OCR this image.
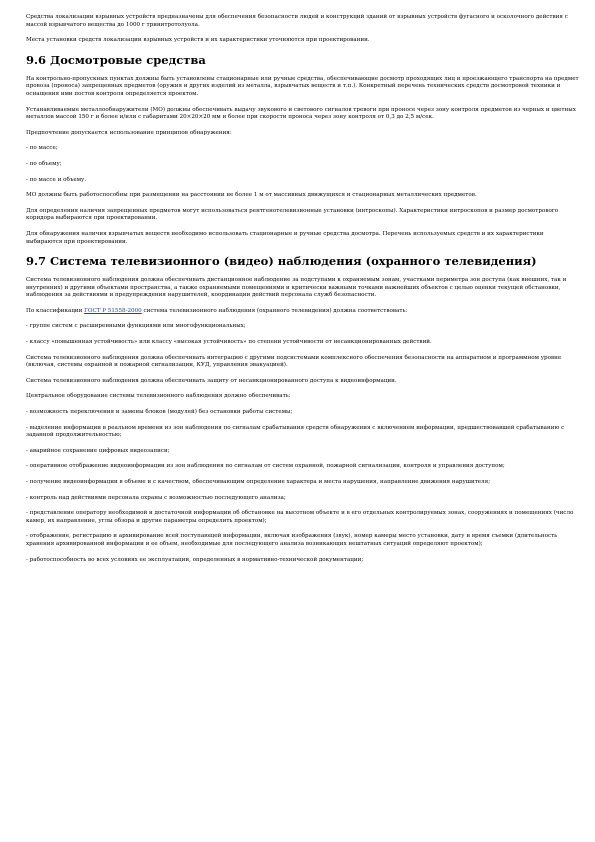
Средства локализации взрывных устройств предназначены для обеспечения безопасности людей и конструкций зданий от взрывных устройств фугасного и осколочного действия с массой взрывчатого вещества до 1000 г тринитротолуола.

Места установки средств локализации взрывных устройств и их характеристики уточняются при проектировании.

9.6 Досмотровые средства

На контрольно-пропускных пунктах должны быть установлены стационарные или ручные средства, обеспечивающие досмотр проходящих лиц и проезжающего транспорта на предмет провоза (проноса) запрещенных предметов (оружия и других изделий из металла, взрывчатых веществ и т.п.). Конкретный перечень технических средств досмотровой техники и оснащения ими постов контроля определяется проектом.

Устанавливаемые металлообнаружители (МО) должны обеспечивать выдачу звукового и светового сигналов тревоги при проносе через зону контроля предметов из черных и цветных металлов массой 150 г и более и/или с габаритами 20×20×20 мм и более при скорости проноса через зону контроля от 0,3 до 2,5 м/сек.

Предпочтение допускается использование принципов обнаружения:

- по массе;

- по объему;

- по массе и объему.

МО должны быть работоспособны при размещении на расстоянии не более 1 м от массивных движущихся и стационарных металлических предметов.

Для определения наличия запрещенных предметов могут использоваться рентгенотелевизионные установки (интроскопы). Характеристики интроскопов и размер досмотрового коридора выбираются при проектировании.

Для обнаружения наличия взрывчатых веществ необходимо использовать стационарные и ручные средства досмотра. Перечень используемых средств и их характеристики выбираются при проектировании.

9.7 Система телевизионного (видео) наблюдения (охранного телевидения)

Система телевизионного наблюдения должна обеспечивать дистанционное наблюдение за подступами к охраняемым зонам, участками периметра зон доступа (как внешних, так и внутренних) и другими объектами пространства, а также охраняемыми помещениями и критически важными точками важнейших объектов с целью оценки текущей обстановки, наблюдения за действиями и предупреждения нарушителей, координации действий персонала служб безопасности.

По классификации ГОСТ Р 51558-2000 система телевизионного наблюдения (охранного телевидения) должна соответствовать:

- группе систем с расширенными функциями или многофункциональных;

- классу «повышенная устойчивость» или классу «высокая устойчивость» по степени устойчивости от несанкционированных действий.

Система телевизионного наблюдения должна обеспечивать интеграцию с другими подсистемами комплексного обеспечения безопасности на аппаратном и программном уровне (включая, системы охранной и пожарной сигнализации, КУД, управления эвакуацией).

Система телевизионного наблюдения должна обеспечивать защиту от несанкционированного доступа к видеоинформации.

Центральное оборудование системы телевизионного наблюдения должно обеспечивать:

- возможность переключения и замены блоков (модулей) без остановки работы системы;

- выделение информации в реальном времени из зон наблюдения по сигналам срабатывания средств обнаружения с включением информации, предшествовавшей срабатыванию с заданной продолжительностью;

- аварийное сохранение цифровых видеозаписи;

- оперативное отображение видеоинформации из зон наблюдения по сигналам от систем охранной, пожарной сигнализации, контроля и управления доступом;

- получение видеоинформации в объеме и с качеством, обеспечивающим определение характера и места нарушения, направление движения нарушителя;

- контроль над действиями персонала охраны с возможностью последующего анализа;

- представление оператору необходимой и достаточной информации об обстановке на высотном объекте и в его отдельных контролируемых зонах, сооружениях и помещениях (число камер, их направление, углы обзора и другие параметры определить проектом);

- отображение, регистрацию и архивирование всей поступающей информации, включая изображения (звук), номер камеры место установки, дату и время съемки (длительность хранения архивированной информации и ее объем, необходимые для последующего анализа возникающих нештатных ситуаций определяют проектом);

- работоспособность во всех условиях ее эксплуатации, определенных в нормативно-технической документации;
